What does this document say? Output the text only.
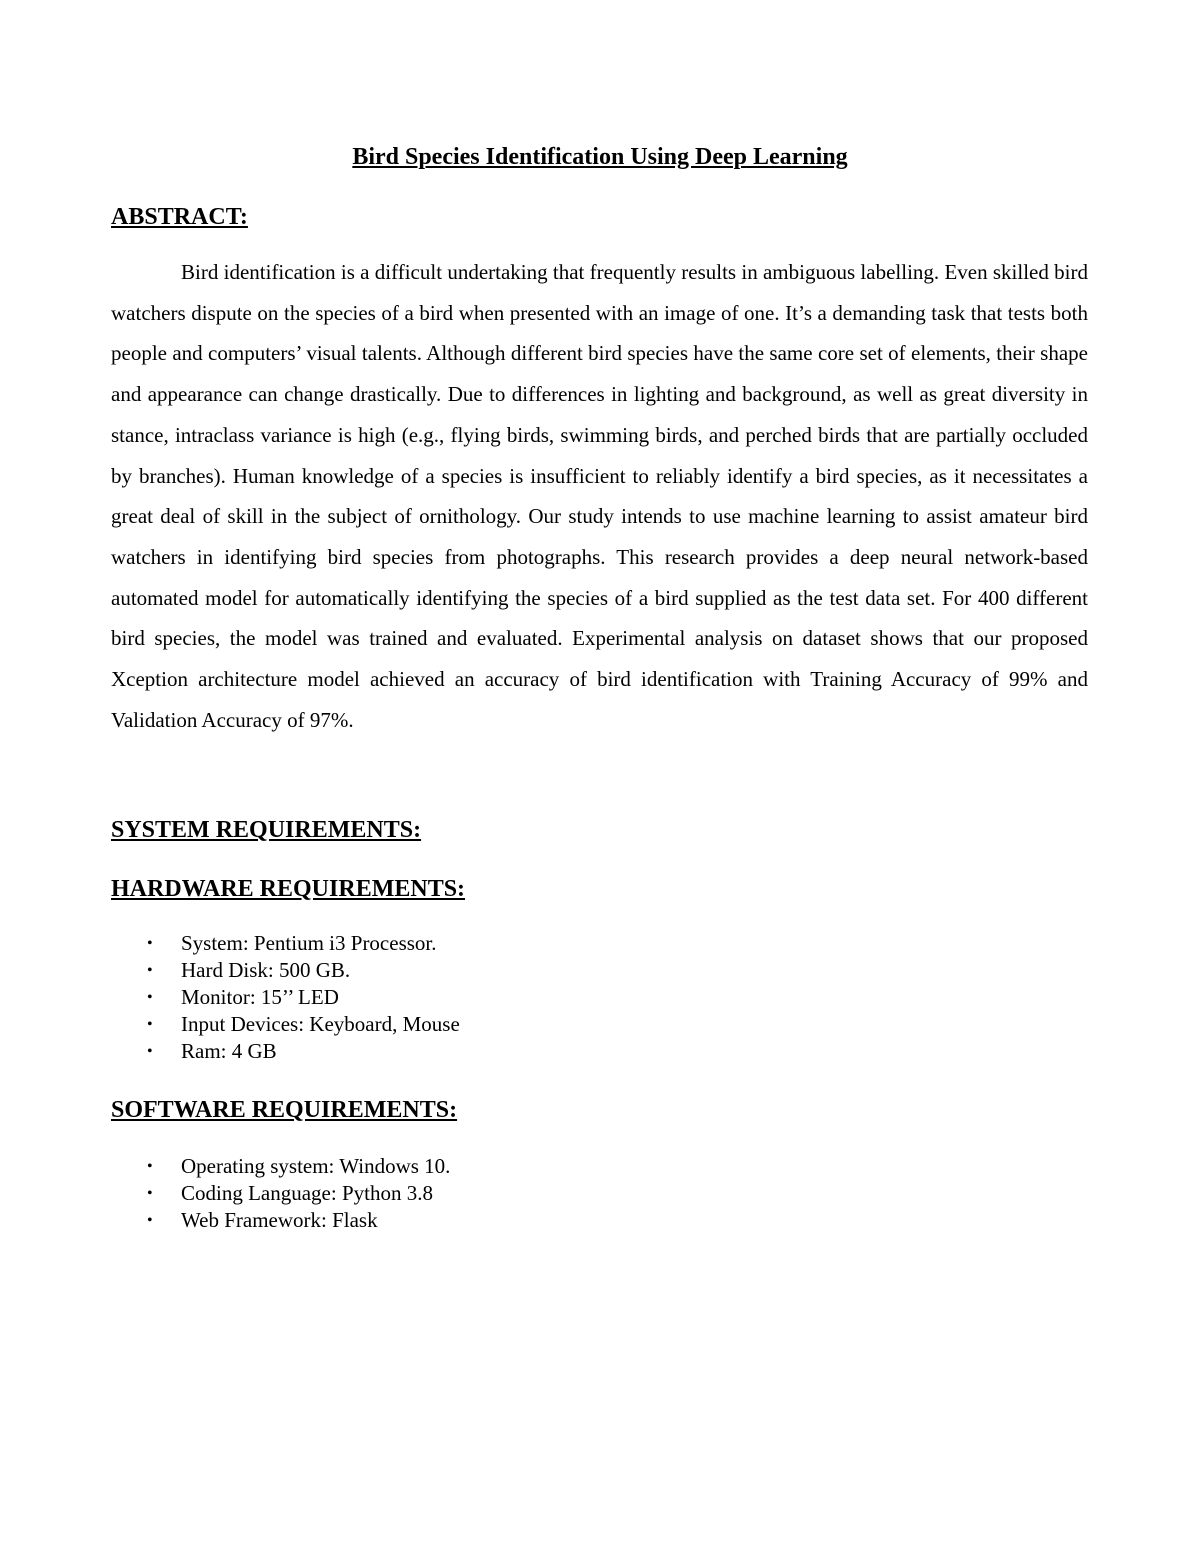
Bird Species Identification Using Deep Learning
ABSTRACT:

Bird identification is a difficult undertaking that frequently results in ambiguous labelling. Even skilled bird watchers dispute on the species of a bird when presented with an image of one. It’s a demanding task that tests both people and computers’ visual talents. Although different bird species have the same core set of elements, their shape and appearance can change drastically. Due to differences in lighting and background, as well as great diversity in stance, intraclass variance is high (e.g., flying birds, swimming birds, and perched birds that are partially occluded by branches). Human knowledge of a species is insufficient to reliably identify a bird species, as it necessitates a great deal of skill in the subject of ornithology. Our study intends to use machine learning to assist amateur bird watchers in identifying bird species from photographs. This research provides a deep neural network-based automated model for automatically identifying the species of a bird supplied as the test data set. For 400 different bird species, the model was trained and evaluated. Experimental analysis on dataset shows that our proposed Xception architecture model achieved an accuracy of bird identification with Training Accuracy of 99% and Validation Accuracy of 97%.

SYSTEM REQUIREMENTS:
HARDWARE REQUIREMENTS:
• System: Pentium i3 Processor.
• Hard Disk: 500 GB.
• Monitor: 15’’ LED
• Input Devices: Keyboard, Mouse
• Ram: 4 GB
SOFTWARE REQUIREMENTS:
• Operating system: Windows 10.
• Coding Language: Python 3.8
• Web Framework: Flask
